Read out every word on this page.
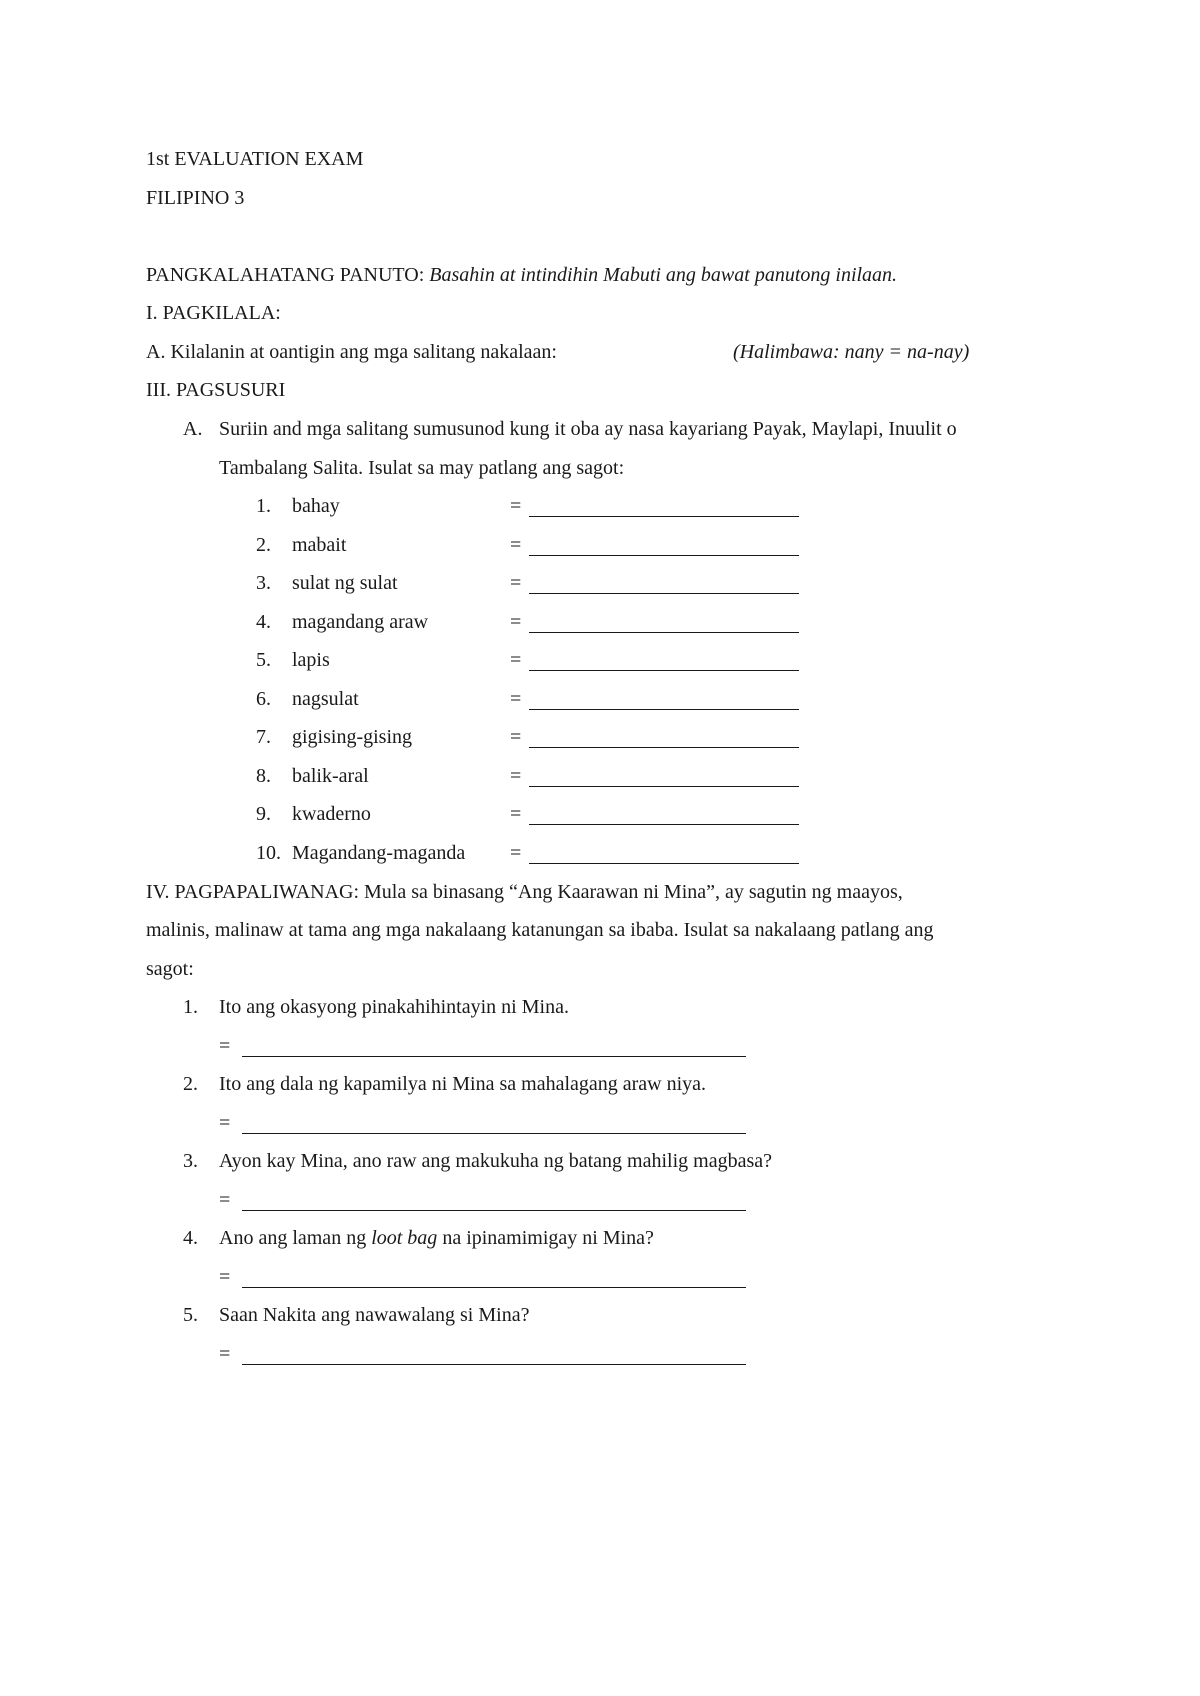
1st EVALUATION EXAM
FILIPINO 3
PANGKALAHATANG PANUTO: Basahin at intindihin Mabuti ang bawat panutong inilaan.
I. PAGKILALA:
A. Kilalanin at oantigin ang mga salitang nakalaan:	(Halimbawa: nany = na-nay)
III. PAGSUSURI
A. Suriin and mga salitang sumusunod kung it oba ay nasa kayariang Payak, Maylapi, Inuulit o
Tambalang Salita. Isulat sa may patlang ang sagot:
1. bahay	=
2. mabait	=
3. sulat ng sulat	=
4. magandang araw	=
5. lapis	=
6. nagsulat	=
7. gigising-gising	=
8. balik-aral	=
9. kwaderno	=
10. Magandang-maganda =
IV. PAGPAPALIWANAG: Mula sa binasang “Ang Kaarawan ni Mina”, ay sagutin ng maayos,
malinis, malinaw at tama ang mga nakalaang katanungan sa ibaba. Isulat sa nakalaang patlang ang
sagot:
1. Ito ang okasyong pinakahihintayin ni Mina.
=
2. Ito ang dala ng kapamilya ni Mina sa mahalagang araw niya.
=
3. Ayon kay Mina, ano raw ang makukuha ng batang mahilig magbasa?
=
4. Ano ang laman ng loot bag na ipinamimigay ni Mina?
=
5. Saan Nakita ang nawawalang si Mina?
=
